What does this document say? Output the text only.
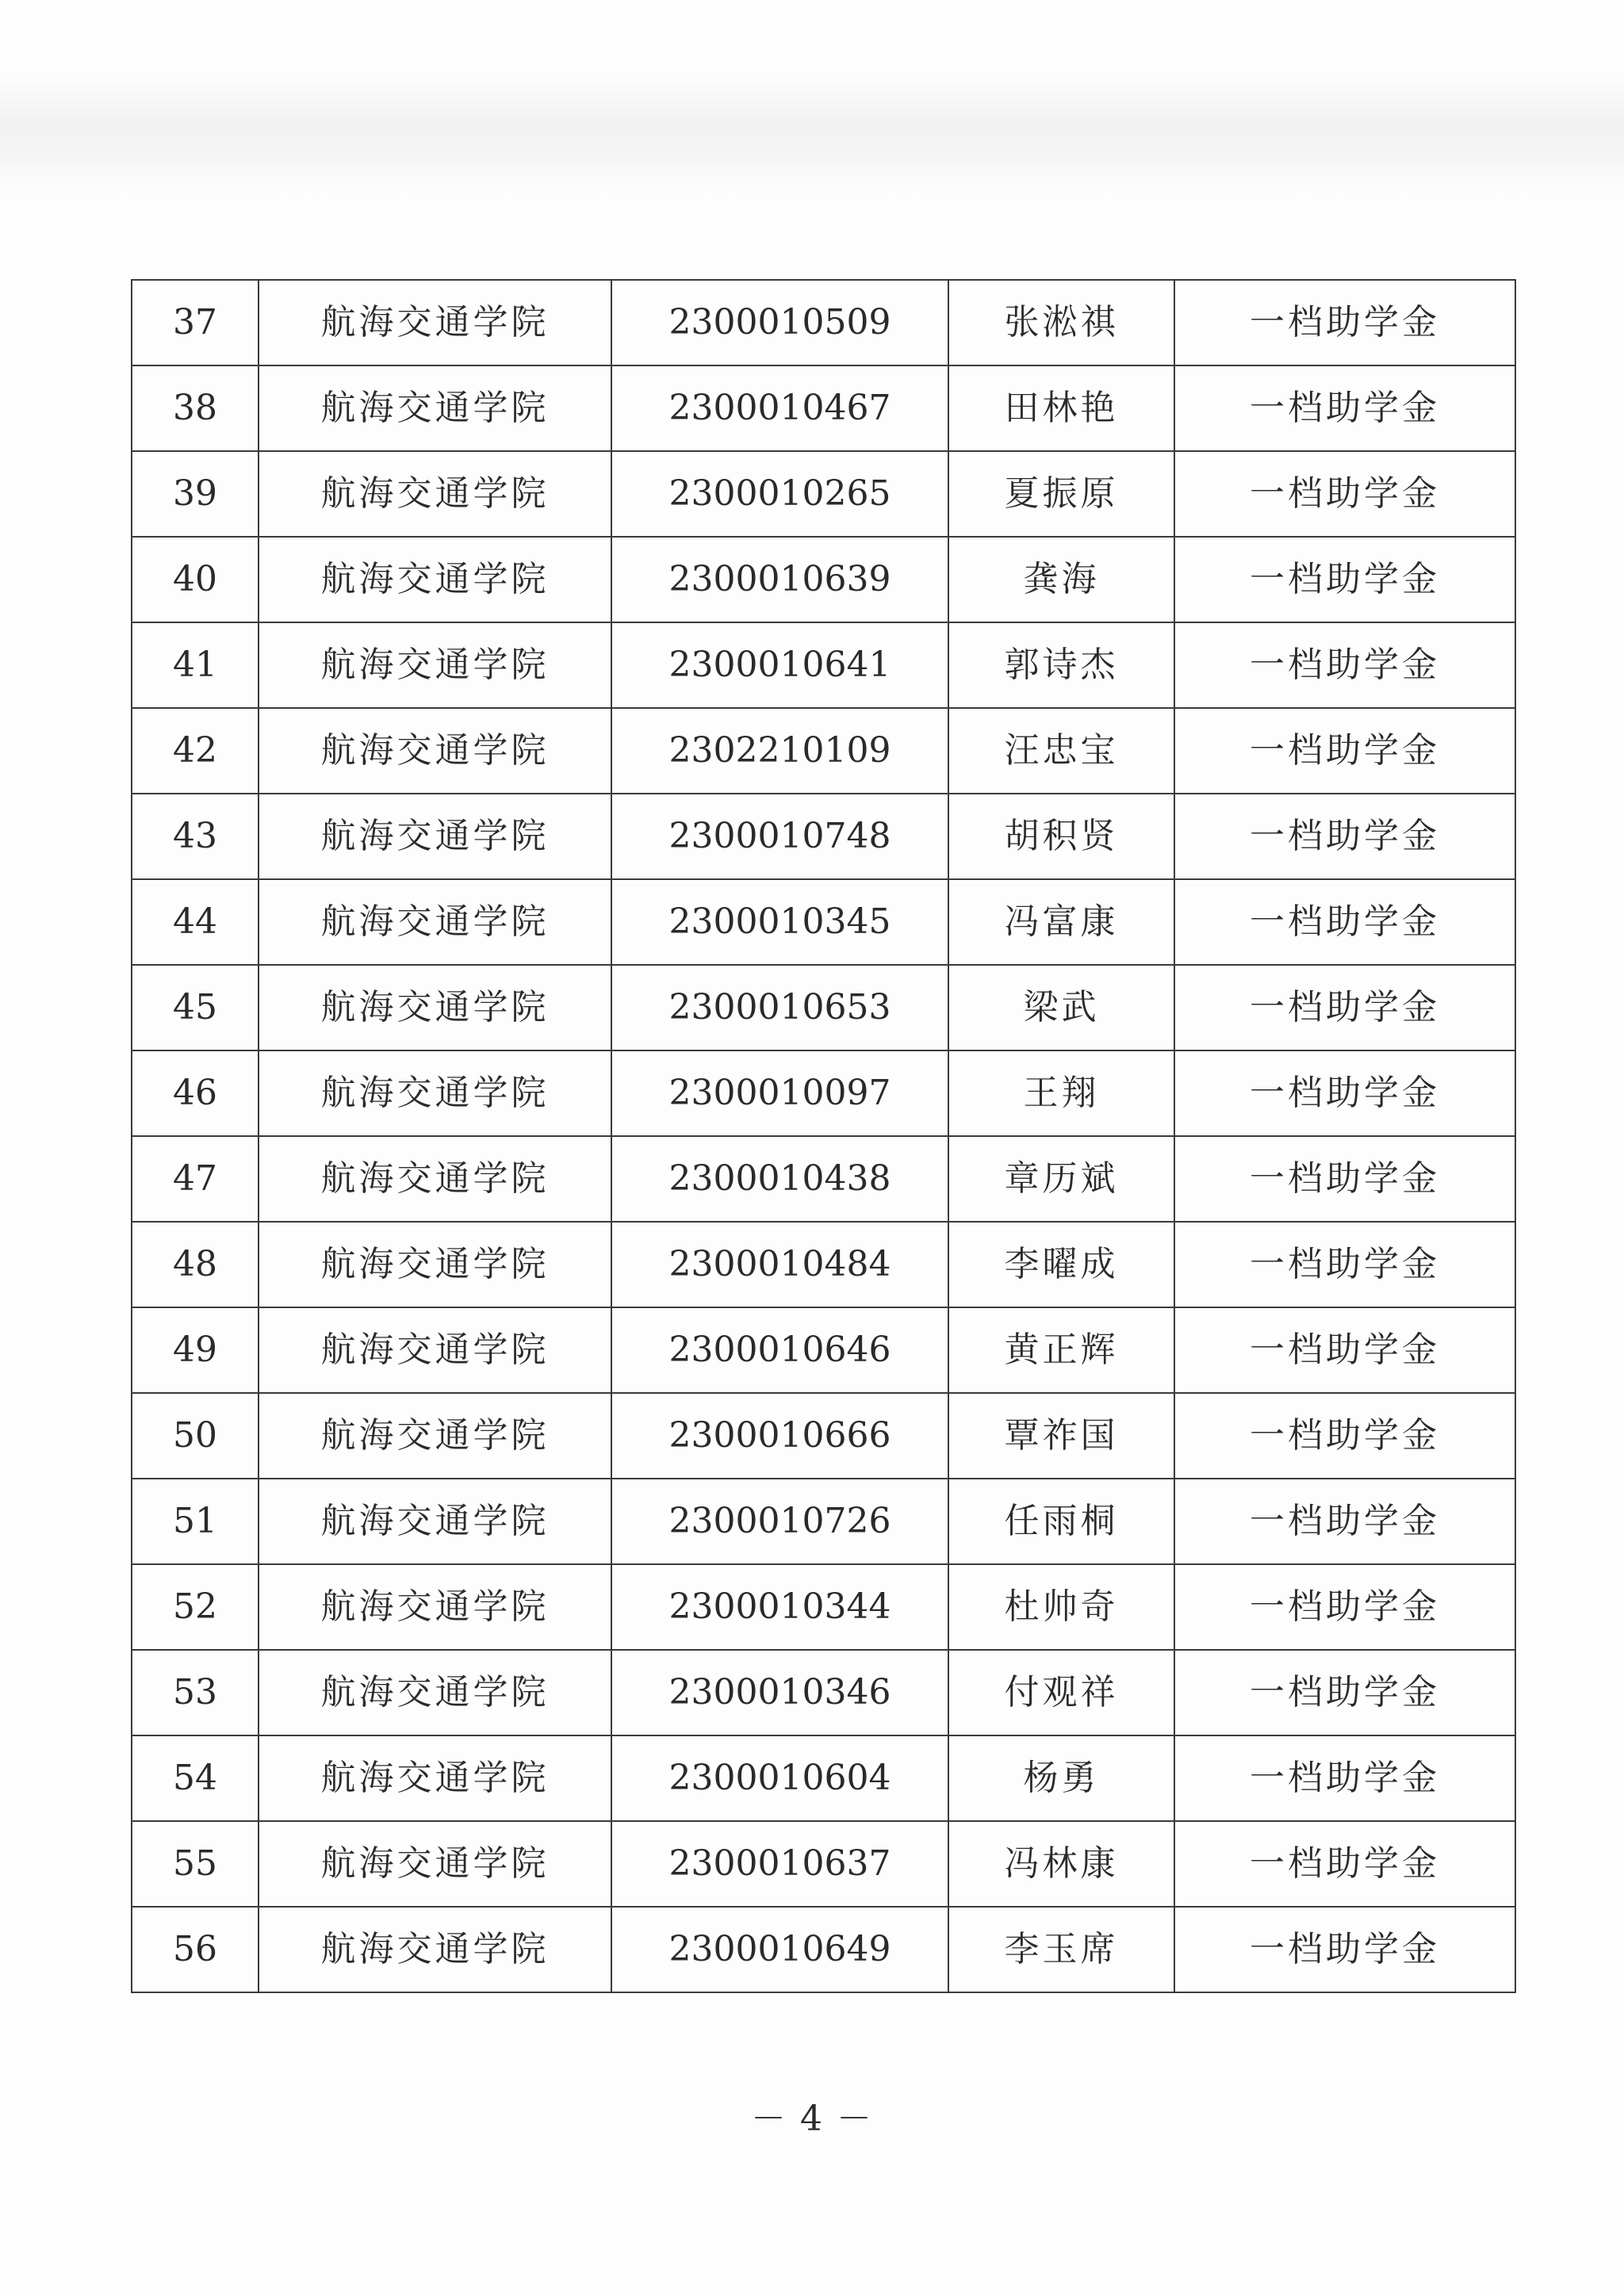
37	航海交通学院	2300010509	张淞祺	一档助学金
38	航海交通学院	2300010467	田林艳	一档助学金
39	航海交通学院	2300010265	夏振原	一档助学金
40	航海交通学院	2300010639	龚海	一档助学金
41	航海交通学院	2300010641	郭诗杰	一档助学金
42	航海交通学院	2302210109	汪忠宝	一档助学金
43	航海交通学院	2300010748	胡积贤	一档助学金
44	航海交通学院	2300010345	冯富康	一档助学金
45	航海交通学院	2300010653	梁武	一档助学金
46	航海交通学院	2300010097	王翔	一档助学金
47	航海交通学院	2300010438	章历斌	一档助学金
48	航海交通学院	2300010484	李曜成	一档助学金
49	航海交通学院	2300010646	黄正辉	一档助学金
50	航海交通学院	2300010666	覃祚国	一档助学金
51	航海交通学院	2300010726	任雨桐	一档助学金
52	航海交通学院	2300010344	杜帅奇	一档助学金
53	航海交通学院	2300010346	付观祥	一档助学金
54	航海交通学院	2300010604	杨勇	一档助学金
55	航海交通学院	2300010637	冯林康	一档助学金
56	航海交通学院	2300010649	李玉席	一档助学金
－ 4 －
